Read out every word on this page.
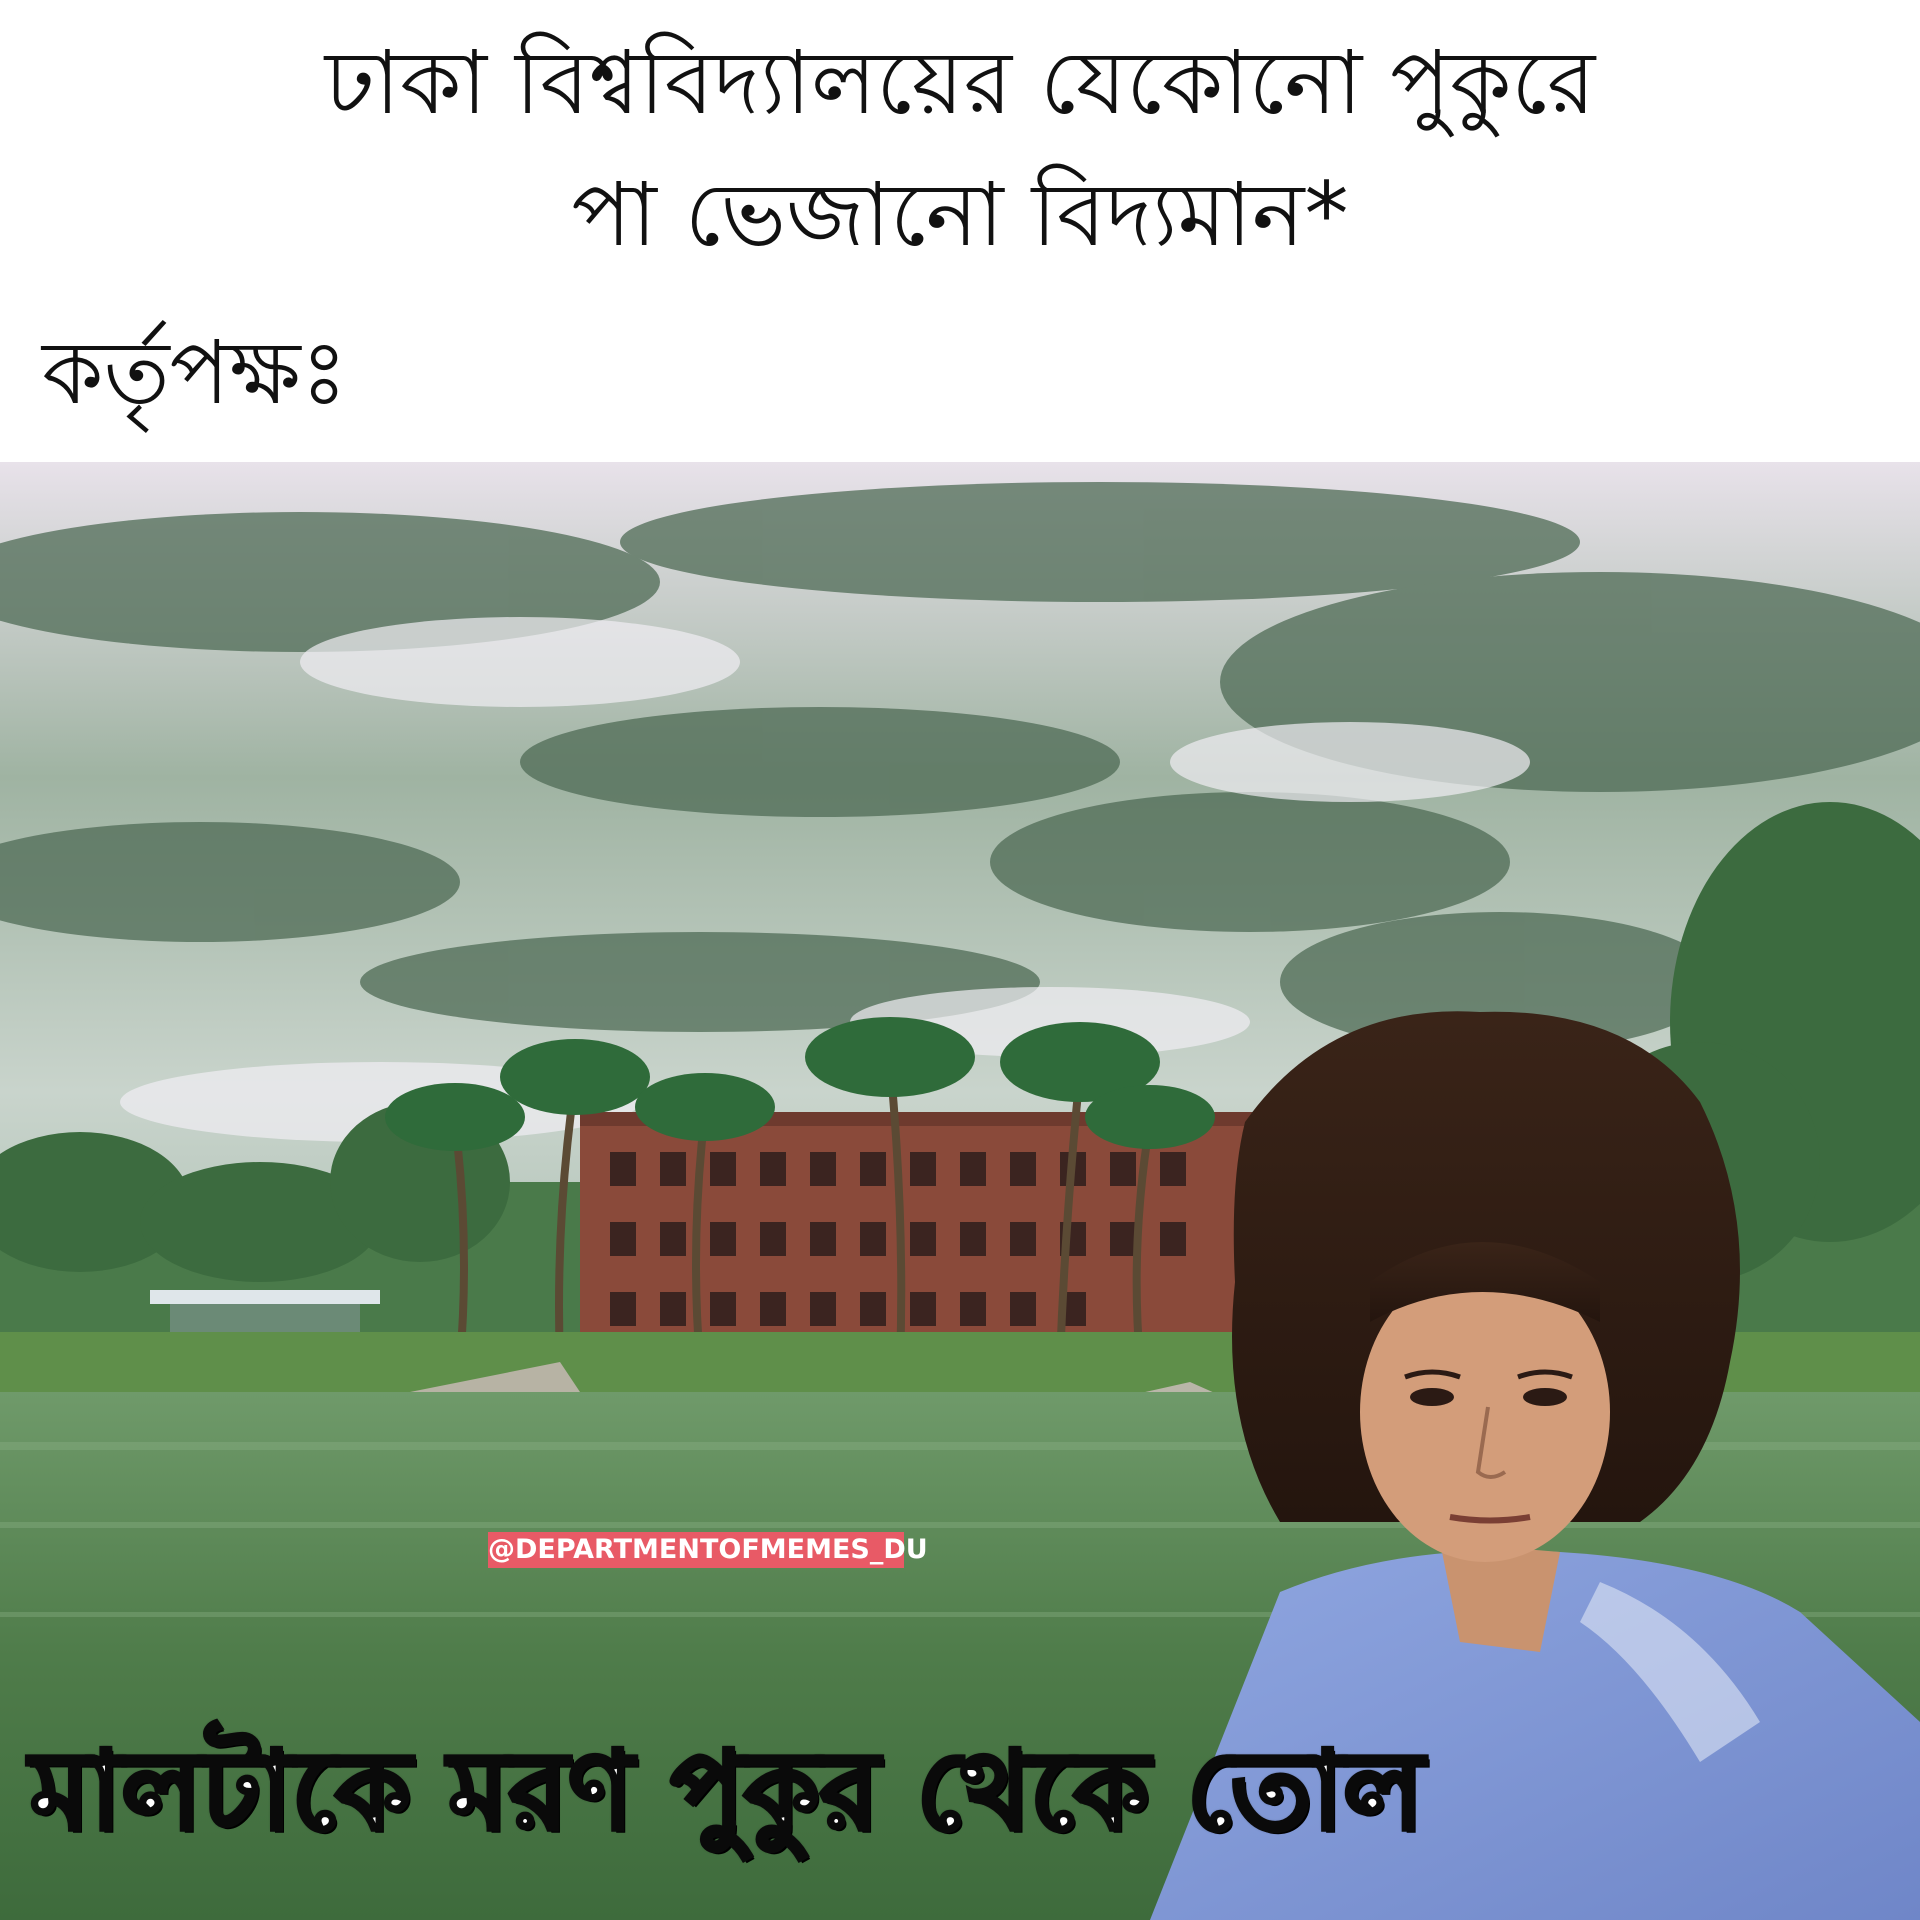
ঢাকা বিশ্ববিদ্যালয়ের যেকোনো পুকুরে

পা ভেজানো বিদ্যমান*

কর্তৃপক্ষঃ

@DEPARTMENTOFMEMES_DU
মালটাকে মরণ পুকুর থেকে তোল
